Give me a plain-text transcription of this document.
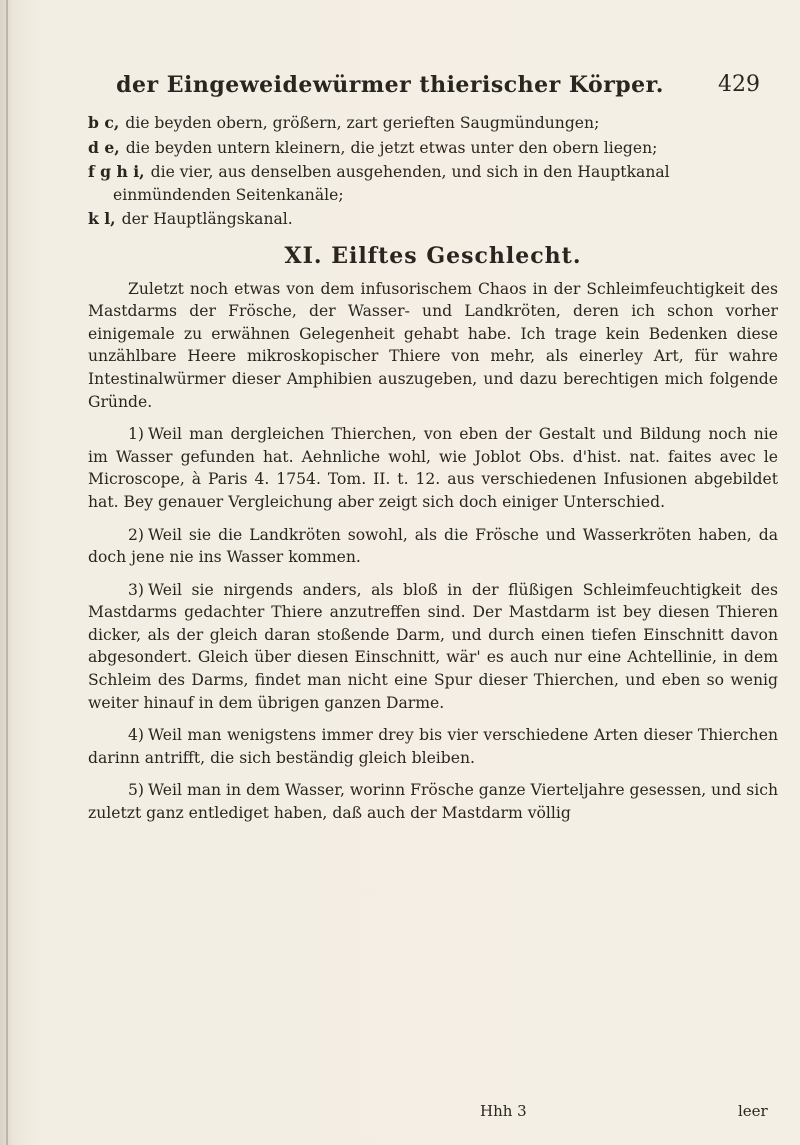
der Eingeweidewürmer thierischer Körper.	429

b c, die beyden obern, größern, zart gerieften Saugmündungen;

d e, die beyden untern kleinern, die jetzt etwas unter den obern liegen;

f g h i, die vier, aus denselben ausgehenden, und sich in den Hauptkanal einmündenden Seitenkanäle;

k l, der Hauptlängskanal.

XI. Eilftes Geschlecht.

Zuletzt noch etwas von dem infusorischem Chaos in der Schleimfeuchtigkeit des Mastdarms der Frösche, der Wasser- und Landkröten, deren ich schon vorher einigemale zu erwähnen Gelegenheit gehabt habe. Ich trage kein Bedenken diese unzählbare Heere mikroskopischer Thiere von mehr, als einerley Art, für wahre Intestinalwürmer dieser Amphibien auszugeben, und dazu berechtigen mich folgende Gründe.

1) Weil man dergleichen Thierchen, von eben der Gestalt und Bildung noch nie im Wasser gefunden hat. Aehnliche wohl, wie Joblot Obs. d'hist. nat. faites avec le Microscope, à Paris 4. 1754. Tom. II. t. 12. aus verschiedenen Infusionen abgebildet hat. Bey genauer Vergleichung aber zeigt sich doch einiger Unterschied.

2) Weil sie die Landkröten sowohl, als die Frösche und Wasserkröten haben, da doch jene nie ins Wasser kommen.

3) Weil sie nirgends anders, als bloß in der flüßigen Schleimfeuchtigkeit des Mastdarms gedachter Thiere anzutreffen sind. Der Mastdarm ist bey diesen Thieren dicker, als der gleich daran stoßende Darm, und durch einen tiefen Einschnitt davon abgesondert. Gleich über diesen Einschnitt, wär' es auch nur eine Achtellinie, in dem Schleim des Darms, findet man nicht eine Spur dieser Thierchen, und eben so wenig weiter hinauf in dem übrigen ganzen Darme.

4) Weil man wenigstens immer drey bis vier verschiedene Arten dieser Thierchen darinn antrifft, die sich beständig gleich bleiben.

5) Weil man in dem Wasser, worinn Frösche ganze Vierteljahre gesessen, und sich zuletzt ganz entlediget haben, daß auch der Mastdarm völlig

Hhh 3	leer
